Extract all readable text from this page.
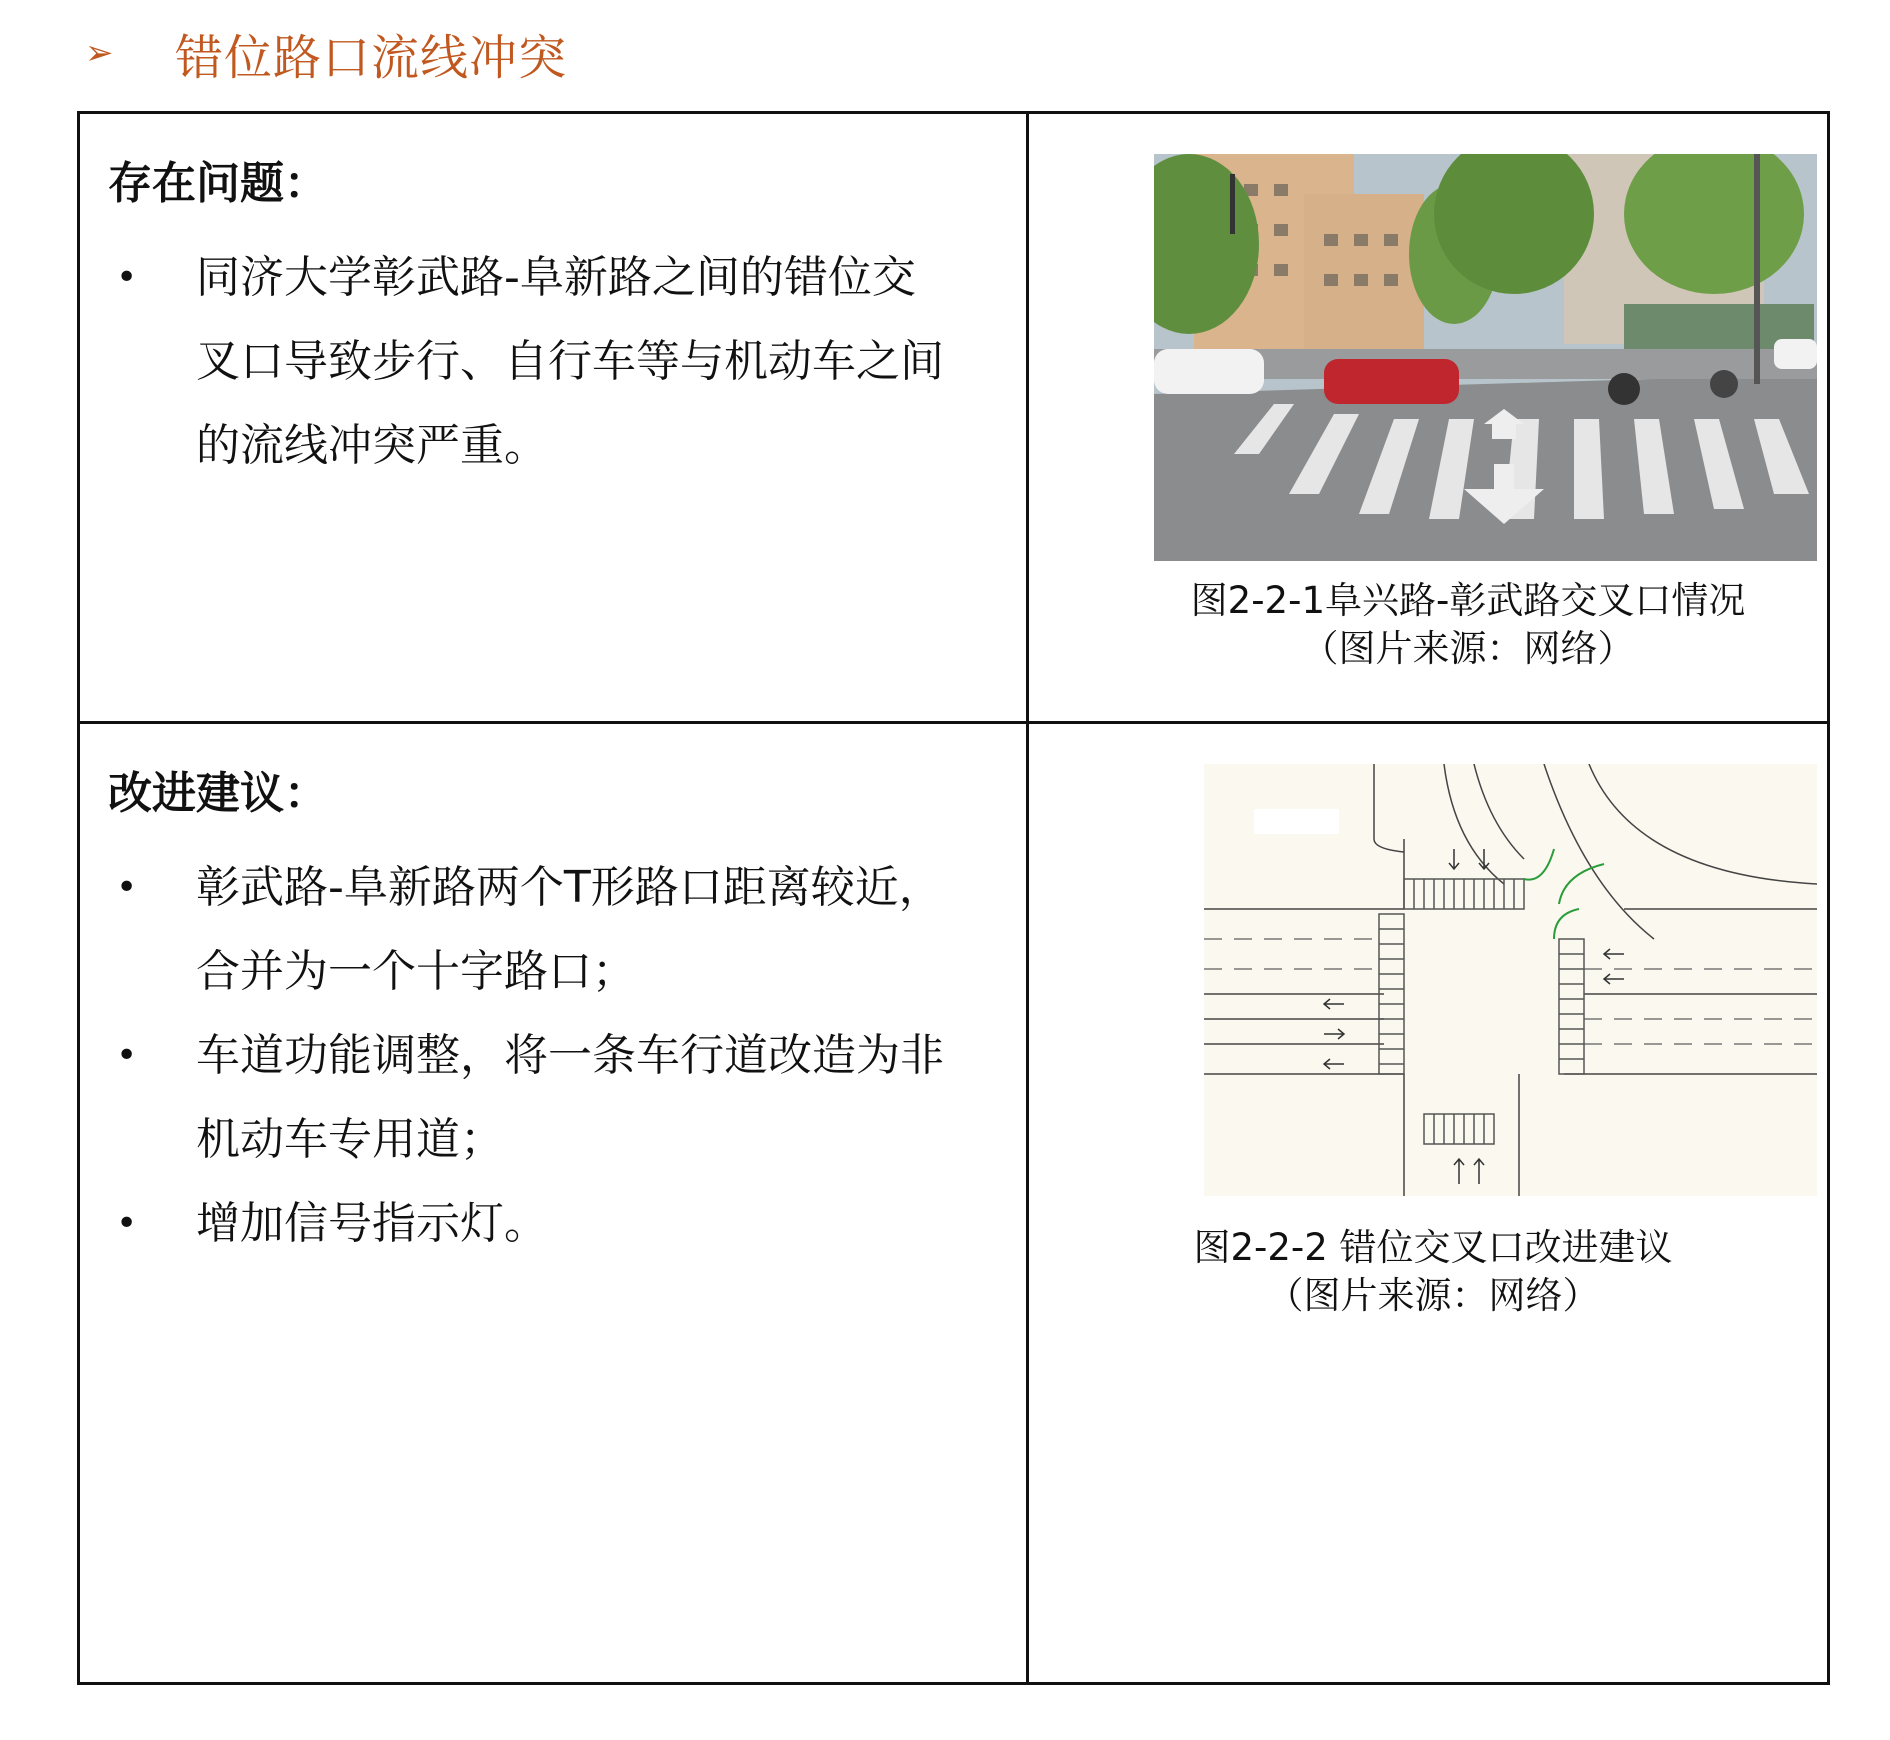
➢	错位路口流线冲突
存在问题：
• 同济大学彰武路-阜新路之间的错位交
叉口导致步行、自行车等与机动车之间
的流线冲突严重。
图2-2-1阜兴路-彰武路交叉口情况
（图片来源：网络）
改进建议：
• 彰武路-阜新路两个T形路口距离较近，
合并为一个十字路口；
• 车道功能调整，将一条车行道改造为非
机动车专用道；
• 增加信号指示灯。	图2-2-2 错位交叉口改进建议
（图片来源：网络）
